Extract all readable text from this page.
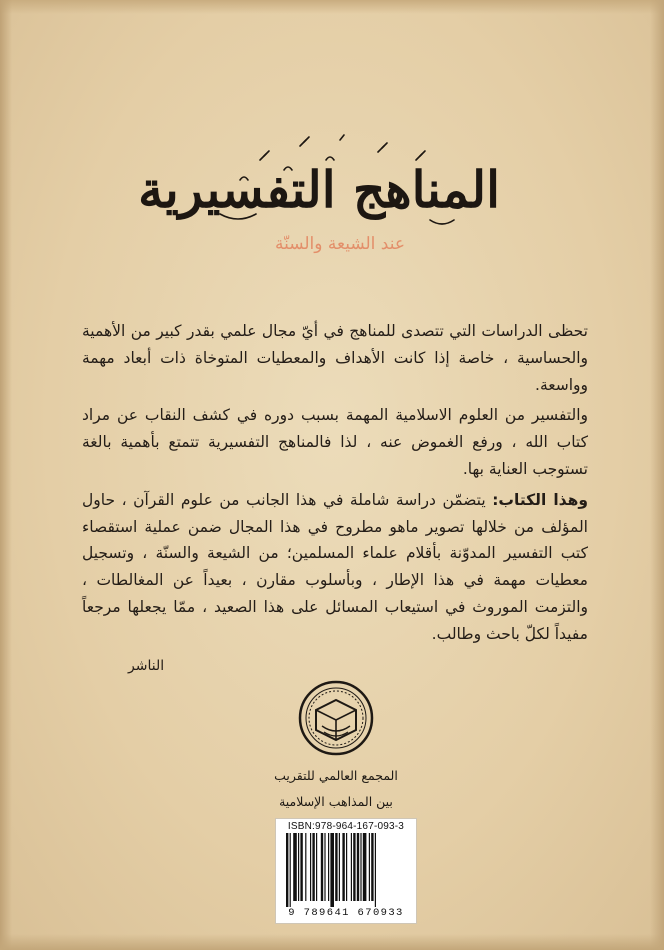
المناهج التفسيرية
عند الشيعة والسنّة

تحظى الدراسات التي تتصدى للمناهج في أيّ مجال علمي بقدر كبير من الأهمية والحساسية ، خاصة إذا كانت الأهداف والمعطيات المتوخاة ذات أبعاد مهمة وواسعة.

والتفسير من العلوم الاسلامية المهمة بسبب دوره في كشف النقاب عن مراد كتاب الله ، ورفع الغموض عنه ، لذا فالمناهج التفسيرية تتمتع بأهمية بالغة تستوجب العناية بها.

وهذا الكتاب: يتضمّن دراسة شاملة في هذا الجانب من علوم القرآن ، حاول المؤلف من خلالها تصوير ماهو مطروح في هذا المجال ضمن عملية استقصاء كتب التفسير المدوّنة بأقلام علماء المسلمين؛ من الشيعة والسنّة ، وتسجيل معطيات مهمة في هذا الإطار ، وبأسلوب مقارن ، بعيداً عن المغالطات ، والتزمت الموروث في استيعاب المسائل على هذا الصعيد ، ممّا يجعلها مرجعاً مفيداً لكلّ باحث وطالب.

الناشر
المجمع العالمي للتقريب
بين المذاهب الإسلامية
ISBN:978-964-167-093-3
9 789641 670933
